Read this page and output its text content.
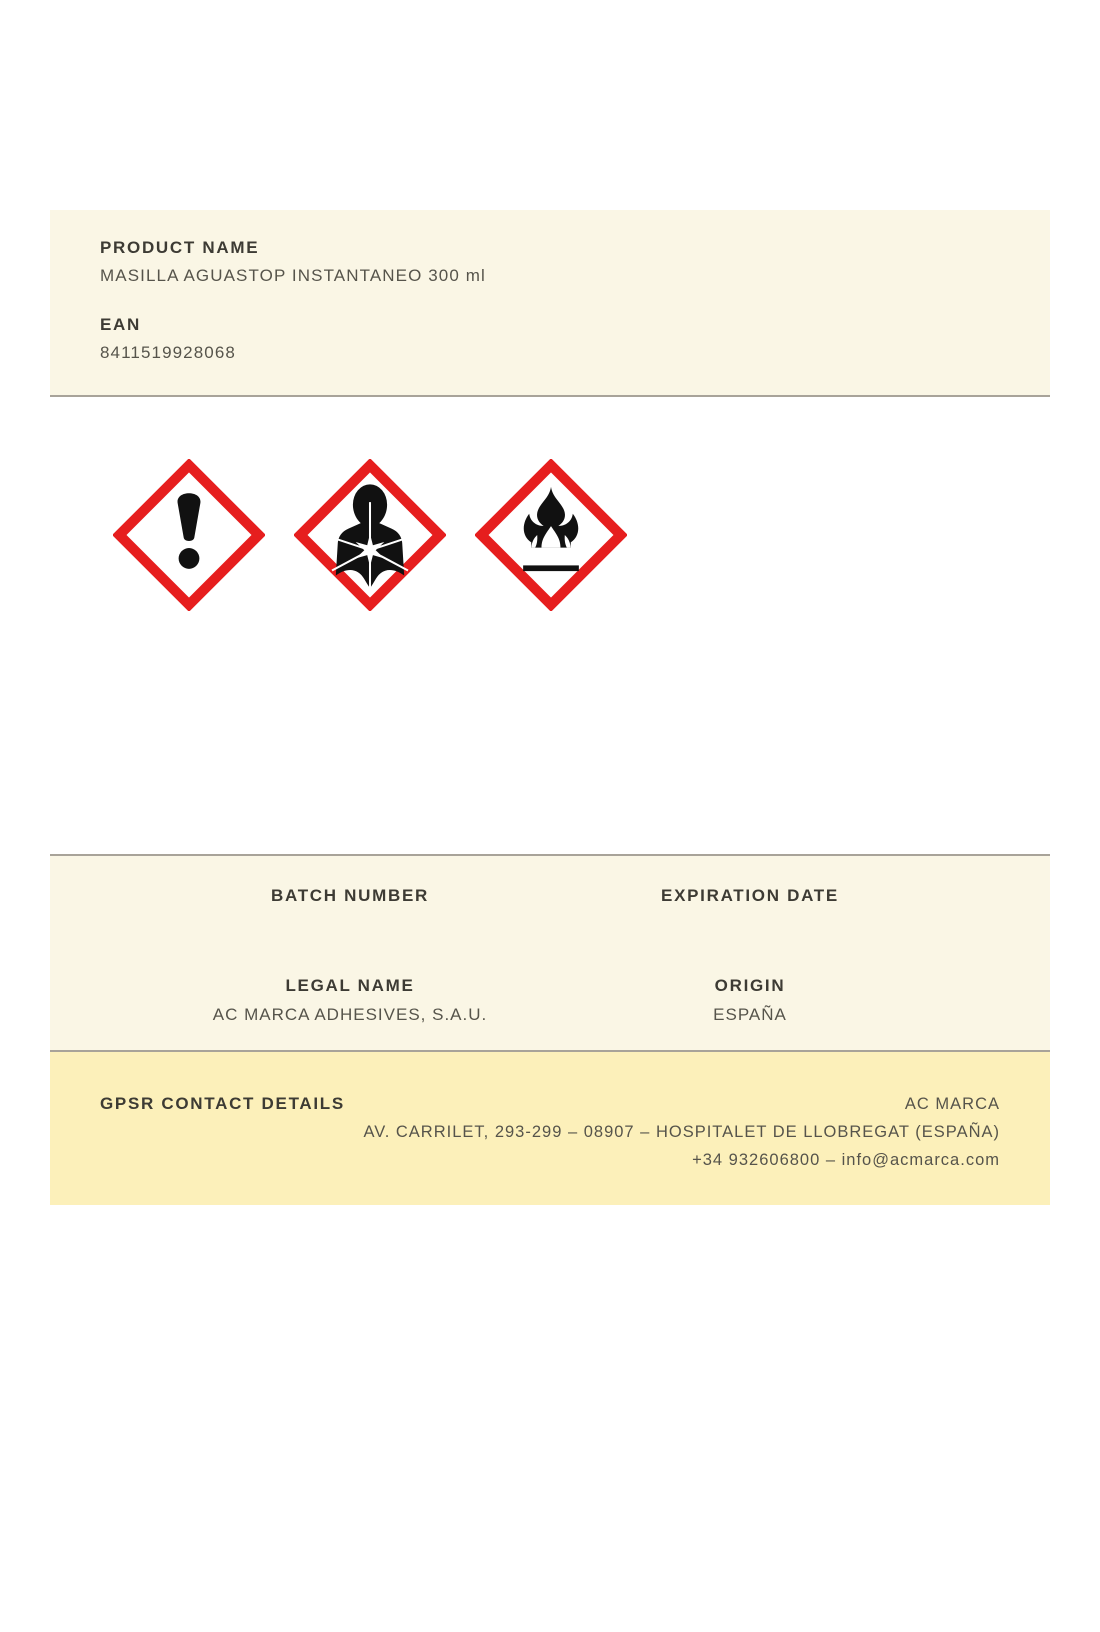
PRODUCT NAME
MASILLA AGUASTOP INSTANTANEO 300 ml
EAN
8411519928068
BATCH NUMBER	EXPIRATION DATE
LEGAL NAME
AC MARCA ADHESIVES, S.A.U.
ORIGIN
ESPAÑA
GPSR CONTACT DETAILS	AC MARCA
AV. CARRILET, 293-299 – 08907 – HOSPITALET DE LLOBREGAT (ESPAÑA)
+34 932606800 – info@acmarca.com
